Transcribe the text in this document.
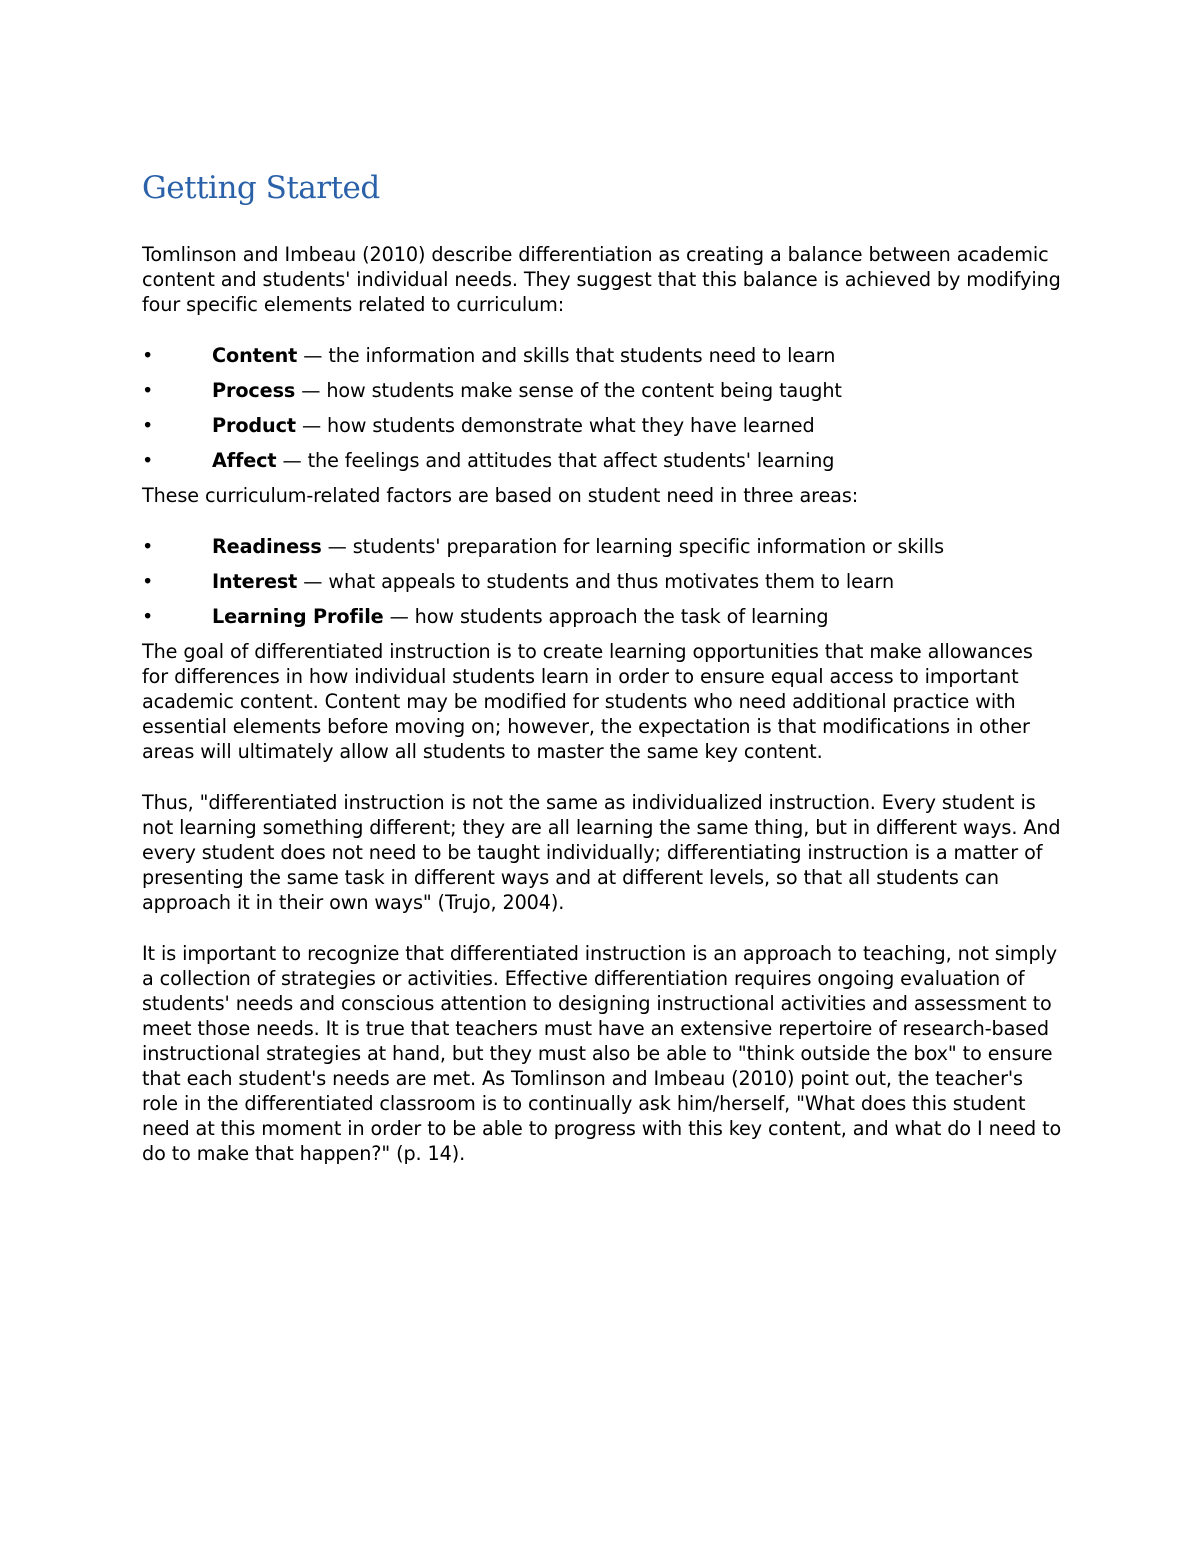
Getting Started

Tomlinson and Imbeau (2010) describe differentiation as creating a balance between academic content and students' individual needs. They suggest that this balance is achieved by modifying four specific elements related to curriculum:

•	Content — the information and skills that students need to learn
•	Process — how students make sense of the content being taught
•	Product — how students demonstrate what they have learned
•	Affect — the feelings and attitudes that affect students' learning

These curriculum-related factors are based on student need in three areas:

•	Readiness — students' preparation for learning specific information or skills
•	Interest — what appeals to students and thus motivates them to learn
•	Learning Profile — how students approach the task of learning

The goal of differentiated instruction is to create learning opportunities that make allowances for differences in how individual students learn in order to ensure equal access to important academic content. Content may be modified for students who need additional practice with essential elements before moving on; however, the expectation is that modifications in other areas will ultimately allow all students to master the same key content.

Thus, "differentiated instruction is not the same as individualized instruction. Every student is not learning something different; they are all learning the same thing, but in different ways. And every student does not need to be taught individually; differentiating instruction is a matter of presenting the same task in different ways and at different levels, so that all students can approach it in their own ways" (Trujo, 2004).

It is important to recognize that differentiated instruction is an approach to teaching, not simply a collection of strategies or activities. Effective differentiation requires ongoing evaluation of students' needs and conscious attention to designing instructional activities and assessment to meet those needs. It is true that teachers must have an extensive repertoire of research-based instructional strategies at hand, but they must also be able to "think outside the box" to ensure that each student's needs are met. As Tomlinson and Imbeau (2010) point out, the teacher's role in the differentiated classroom is to continually ask him/herself, "What does this student need at this moment in order to be able to progress with this key content, and what do I need to do to make that happen?" (p. 14).
